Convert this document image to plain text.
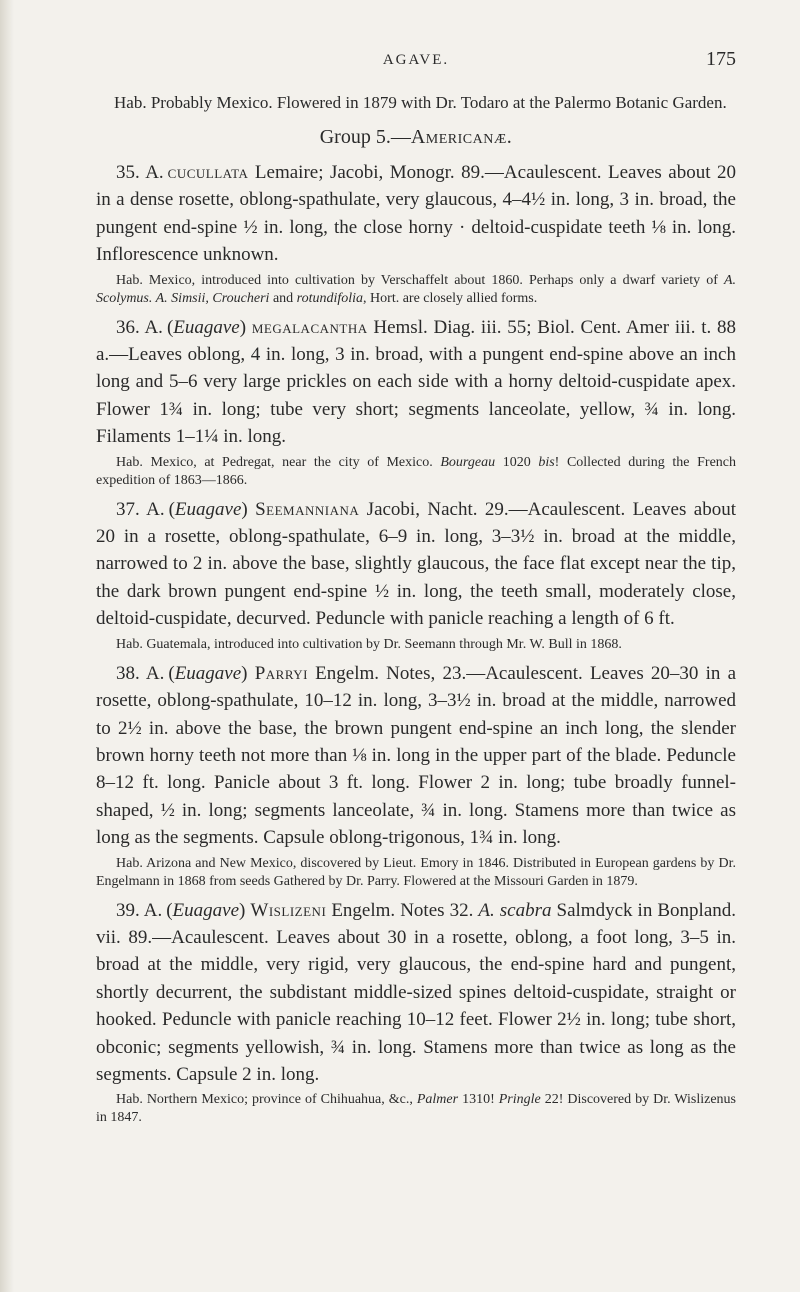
AGAVE.	175

Hab. Probably Mexico. Flowered in 1879 with Dr. Todaro at the Palermo Botanic Garden.

Group 5.—Americanæ.

35. A. cucullata Lemaire; Jacobi, Monogr. 89.—Acaulescent. Leaves about 20 in a dense rosette, oblong-spathulate, very glaucous, 4–4½ in. long, 3 in. broad, the pungent end-spine ½ in. long, the close horny · deltoid-cuspidate teeth ⅛ in. long. Inflorescence unknown.

Hab. Mexico, introduced into cultivation by Verschaffelt about 1860. Perhaps only a dwarf variety of A. Scolymus. A. Simsii, Croucheri and rotundifolia, Hort. are closely allied forms.

36. A. (Euagave) megalacantha Hemsl. Diag. iii. 55; Biol. Cent. Amer iii. t. 88 a.—Leaves oblong, 4 in. long, 3 in. broad, with a pungent end-spine above an inch long and 5–6 very large prickles on each side with a horny deltoid-cuspidate apex. Flower 1¾ in. long; tube very short; segments lanceolate, yellow, ¾ in. long. Filaments 1–1¼ in. long.

Hab. Mexico, at Pedregat, near the city of Mexico. Bourgeau 1020 bis! Collected during the French expedition of 1863—1866.

37. A. (Euagave) Seemanniana Jacobi, Nacht. 29.—Acaulescent. Leaves about 20 in a rosette, oblong-spathulate, 6–9 in. long, 3–3½ in. broad at the middle, narrowed to 2 in. above the base, slightly glaucous, the face flat except near the tip, the dark brown pungent end-spine ½ in. long, the teeth small, moderately close, deltoid-cuspidate, decurved. Peduncle with panicle reaching a length of 6 ft.

Hab. Guatemala, introduced into cultivation by Dr. Seemann through Mr. W. Bull in 1868.

38. A. (Euagave) Parryi Engelm. Notes, 23.—Acaulescent. Leaves 20–30 in a rosette, oblong-spathulate, 10–12 in. long, 3–3½ in. broad at the middle, narrowed to 2½ in. above the base, the brown pungent end-spine an inch long, the slender brown horny teeth not more than ⅛ in. long in the upper part of the blade. Peduncle 8–12 ft. long. Panicle about 3 ft. long. Flower 2 in. long; tube broadly funnel-shaped, ½ in. long; segments lanceolate, ¾ in. long. Stamens more than twice as long as the segments. Capsule oblong-trigonous, 1¾ in. long.

Hab. Arizona and New Mexico, discovered by Lieut. Emory in 1846. Distributed in European gardens by Dr. Engelmann in 1868 from seeds Gathered by Dr. Parry. Flowered at the Missouri Garden in 1879.

39. A. (Euagave) Wislizeni Engelm. Notes 32. A. scabra Salmdyck in Bonpland. vii. 89.—Acaulescent. Leaves about 30 in a rosette, oblong, a foot long, 3–5 in. broad at the middle, very rigid, very glaucous, the end-spine hard and pungent, shortly decurrent, the subdistant middle-sized spines deltoid-cuspidate, straight or hooked. Peduncle with panicle reaching 10–12 feet. Flower 2½ in. long; tube short, obconic; segments yellowish, ¾ in. long. Stamens more than twice as long as the segments. Capsule 2 in. long.

Hab. Northern Mexico; province of Chihuahua, &c., Palmer 1310! Pringle 22! Discovered by Dr. Wislizenus in 1847.
